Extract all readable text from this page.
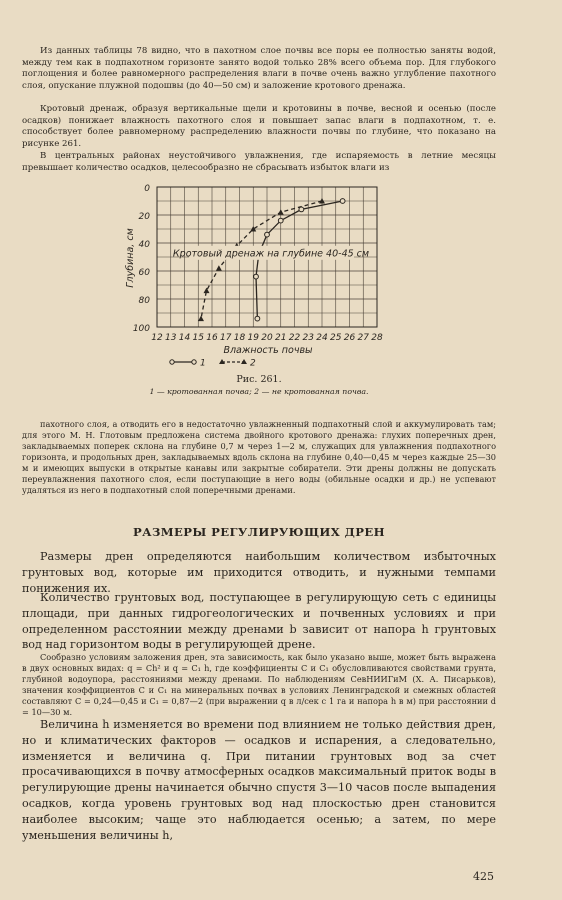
Из данных таблицы 78 видно, что в пахотном слое почвы все поры ее полностью заняты водой, между тем как в подпахотном горизонте занято водой только 28% всего объема пор. Для глубокого поглощения и более равномерного распределения влаги в почве очень важно углубление пахотного слоя, опускание плужной подошвы (до 40—50 см) и заложение кротового дренажа.

Кротовый дренаж, образуя вертикальные щели и кротовины в почве, весной и осенью (после осадков) понижает влажность пахотного слоя и повышает запас влаги в подпахотном, т. е. способствует более равномерному распределению влажности почвы по глубине, что показано на рисунке 261.

В центральных районах неустойчивого увлажнения, где испаряемость в летние месяцы превышает количество осадков, целесообразно не сбрасывать избыток влаги из

12 13 14 15 16 17 18 19 20 21 22 23 24 25 26 27 28
0
20
40
60
80
100
Кротовый дренаж на глубине 40-45 см
Влажность почвы
Глубина, см
1	2

Рис. 261.

1 — кротованная почва; 2 — не кротованная почва.

пахотного слоя, а отводить его в недостаточно увлажненный подпахотный слой и аккумулировать там; для этого М. Н. Глотовым предложена система двойного кротового дренажа: глухих поперечных дрен, закладываемых поперек склона на глубине 0,7 м через 1—2 м, служащих для увлажнения подпахотного горизонта, и продольных дрен, закладываемых вдоль склона на глубине 0,40—0,45 м через каждые 25—30 м и имеющих выпуски в открытые канавы или закрытые собиратели. Эти дрены должны не допускать переувлажнения пахотного слоя, если поступающие в него воды (обильные осадки и др.) не успевают удаляться из него в подпахотный слой поперечными дренами.

РАЗМЕРЫ РЕГУЛИРУЮЩИХ ДРЕН

Размеры дрен определяются наибольшим количеством избыточных грунтовых вод, которые им приходится отводить, и нужными темпами понижения их.

Количество грунтовых вод, поступающее в регулирующую сеть с единицы площади, при данных гидрогеологических и почвенных условиях и при определенном расстоянии между дренами b зависит от напора h грунтовых вод над горизонтом воды в регулирующей дрене.

Сообразно условиям заложения дрен, эта зависимость, как было указано выше, может быть выражена в двух основных видах: q = Ch² и q = C₁ h, где коэффициенты C и C₁ обусловливаются свойствами грунта, глубиной водоупора, расстояниями между дренами. По наблюдениям СевНИИГиМ (Х. А. Писарьков), значения коэффициентов C и C₁ на минеральных почвах в условиях Ленинградской и смежных областей составляют C = 0,24—0,45 и C₁ = 0,87—2 (при выражении q в л/сек с 1 га и напора h в м) при расстоянии d = 10—30 м.

Величина h изменяется во времени под влиянием не только действия дрен, но и климатических факторов — осадков и испарения, а следовательно, изменяется и величина q. При питании грунтовых вод за счет просачивающихся в почву атмосферных осадков максимальный приток воды в регулирующие дрены начинается обычно спустя 3—10 часов после выпадения осадков, когда уровень грунтовых вод над плоскостью дрен становится наиболее высоким; чаще это наблюдается осенью; а затем, по мере уменьшения величины h,

425
